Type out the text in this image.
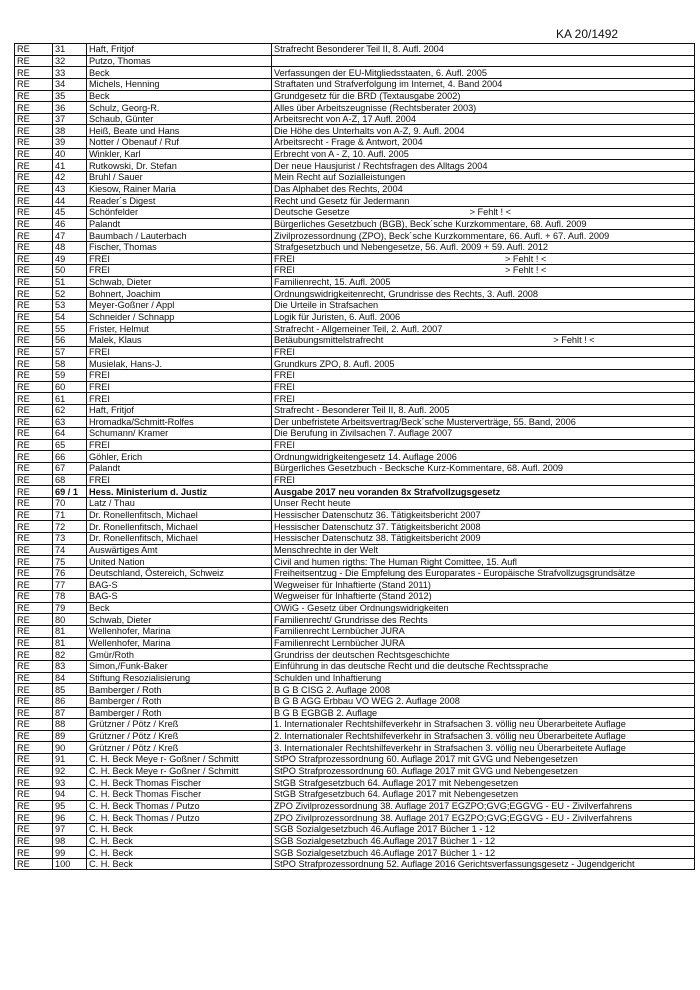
KA 20/1492
RE	31	Haft, Fritjof	Strafrecht Besonderer Teil II, 8. Aufl. 2004
RE	32	Putzo, Thomas	
RE	33	Beck	Verfassungen der EU-Mitgliedsstaaten, 6. Aufl. 2005
RE	34	Michels, Henning	Straftaten und Strafverfolgung im Internet, 4. Band 2004
RE	35	Beck	Grundgesetz für die BRD (Textausgabe 2002)
RE	36	Schulz, Georg-R.	Alles über Arbeitszeugnisse (Rechtsberater 2003)
RE	37	Schaub, Günter	Arbeitsrecht von A-Z, 17 Aufl. 2004
RE	38	Heiß, Beate und Hans	Die Höhe des Unterhalts von A-Z, 9. Aufl. 2004
RE	39	Notter / Obenauf / Ruf	Arbeitsrecht - Frage & Antwort, 2004
RE	40	Winkler, Karl	Erbrecht von A - Z, 10. Aufl. 2005
RE	41	Rutkowski, Dr. Stefan	Der neue Hausjurist / Rechtsfragen des Alltags 2004
RE	42	Bruhl / Sauer	Mein Recht auf Sozialleistungen
RE	43	Kiesow, Rainer Maria	Das Alphabet des Rechts, 2004
RE	44	Reader´s Digest	Recht und Gesetz für Jedermann
RE	45	Schönfelder	Deutsche Gesetze > Fehlt ! <
RE	46	Palandt	Bürgerliches Gesetzbuch (BGB), Beck´sche Kurzkommentare, 68. Aufl. 2009
RE	47	Baumbach / Lauterbach	Zivilprozessordnung (ZPO), Beck´sche Kurzkommentare, 66. Aufl. + 67. Aufl. 2009
RE	48	Fischer, Thomas	Strafgesetzbuch und Nebengesetze, 56. Aufl. 2009 + 59. Aufl. 2012
RE	49	FREI	FREI > Fehlt ! <
RE	50	FREI	FREI > Fehlt ! <
RE	51	Schwab, Dieter	Familienrecht, 15. Aufl. 2005
RE	52	Bohnert, Joachim	Ordnungswidrigkeitenrecht, Grundrisse des Rechts, 3. Aufl. 2008
RE	53	Meyer-Goßner / Appl	Die Urteile in Strafsachen
RE	54	Schneider / Schnapp	Logik für Juristen, 6. Aufl. 2006
RE	55	Frister, Helmut	Strafrecht - Allgemeiner Teil, 2. Aufl. 2007
RE	56	Malek, Klaus	Betäubungsmittelstrafrecht > Fehlt ! <
RE	57	FREI	FREI
RE	58	Musielak, Hans-J.	Grundkurs ZPO, 8. Aufl. 2005
RE	59	FREI	FREI
RE	60	FREI	FREI
RE	61	FREI	FREI
RE	62	Haft, Fritjof	Strafrecht - Besonderer Teil II, 8. Aufl. 2005
RE	63	Hromadka/Schmitt-Rolfes	Der unbefristete Arbeitsvertrag/Beck´sche Musterverträge, 55. Band, 2006
RE	64	Schumann/ Kramer	Die Berufung in Zivilsachen 7. Auflage 2007
RE	65	FREI	FREI
RE	66	Göhler, Erich	Ordnungwidrigkeitengesetz 14. Auflage 2006
RE	67	Palandt	Bürgerliches Gesetzbuch - Becksche Kurz-Kommentare, 68. Aufl. 2009
RE	68	FREI	FREI
RE	69 / 1	Hess. Ministerium d. Justiz	Ausgabe 2017 neu voranden 8x Strafvollzugsgesetz
RE	70	Latz / Thau	Unser Recht heute
RE	71	Dr. Ronellenfitsch, Michael	Hessischer Datenschutz 36. Tätigkeitsbericht 2007
RE	72	Dr. Ronellenfitsch, Michael	Hessischer Datenschutz 37. Tätigkeitsbericht 2008
RE	73	Dr. Ronellenfitsch, Michael	Hessischer Datenschutz 38. Tätigkeitsbericht 2009
RE	74	Auswärtiges Amt	Menschrechte in der Welt
RE	75	United Nation	Civil and humen rigths: The Human Right Comittee, 15. Aufl
RE	76	Deutschland, Östereich, Schweiz	Freiheitsentzug - Die Empfelung des Europarates - Europäische Strafvollzugsgrundsätze
RE	77	BAG-S	Wegweiser für Inhaftierte (Stand 2011)
RE	78	BAG-S	Wegweiser für Inhaftierte (Stand 2012)
RE	79	Beck	OWiG - Gesetz über Ordnungswidrigkeiten
RE	80	Schwab, Dieter	Familienrecht/ Grundrisse des Rechts
RE	81	Wellenhofer, Marina	Familienrecht Lernbücher JURA
RE	81	Wellenhofer, Marina	Familienrecht Lernbücher JURA
RE	82	Gmür/Roth	Grundriss der deutschen Rechtsgeschichte
RE	83	Simon,/Funk-Baker	Einführung in das deutsche Recht und die deutsche Rechtssprache
RE	84	Stiftung Resozialisierung	Schulden und Inhaftierung
RE	85	Bamberger / Roth	B G B CISG 2. Auflage 2008
RE	86	Bamberger / Roth	B G B AGG Erbbau VO WEG 2. Auflage 2008
RE	87	Bamberger / Roth	B G B EGBGB 2. Auflage
RE	88	Grützner / Pötz / Kreß	1. Internationaler Rechtshilfeverkehr in Strafsachen 3. völlig neu Überarbeitete Auflage
RE	89	Grützner / Pötz / Kreß	2. Internationaler Rechtshilfeverkehr in Strafsachen 3. völlig neu Überarbeitete Auflage
RE	90	Grützner / Pötz / Kreß	3. Internationaler Rechtshilfeverkehr in Strafsachen 3. völlig neu Überarbeitete Auflage
RE	91	C. H. Beck Meye r- Goßner / Schmitt	StPO Strafprozessordnung 60. Auflage 2017 mit GVG und Nebengesetzen
RE	92	C. H. Beck Meye r- Goßner / Schmitt	StPO Strafprozessordnung 60. Auflage 2017 mit GVG und Nebengesetzen
RE	93	C. H. Beck Thomas Fischer	StGB Strafgesetzbuch 64. Auflage 2017 mit Nebengesetzen
RE	94	C. H. Beck Thomas Fischer	StGB Strafgesetzbuch 64. Auflage 2017 mit Nebengesetzen
RE	95	C. H. Beck Thomas / Putzo	ZPO Zivilprozessordnung 38. Auflage 2017 EGZPO;GVG;EGGVG - EU - Zivilverfahrens
RE	96	C. H. Beck Thomas / Putzo	ZPO Zivilprozessordnung 38. Auflage 2017 EGZPO;GVG;EGGVG - EU - Zivilverfahrens
RE	97	C. H. Beck	SGB Sozialgesetzbuch 46.Auflage 2017 Bücher 1 - 12
RE	98	C. H. Beck	SGB Sozialgesetzbuch 46.Auflage 2017 Bücher 1 - 12
RE	99	C. H. Beck	SGB Sozialgesetzbuch 46.Auflage 2017 Bücher 1 - 12
RE	100	C. H. Beck	StPO Strafprozessordnung 52. Auflage 2016 Gerichtsverfassungsgesetz - Jugendgericht
